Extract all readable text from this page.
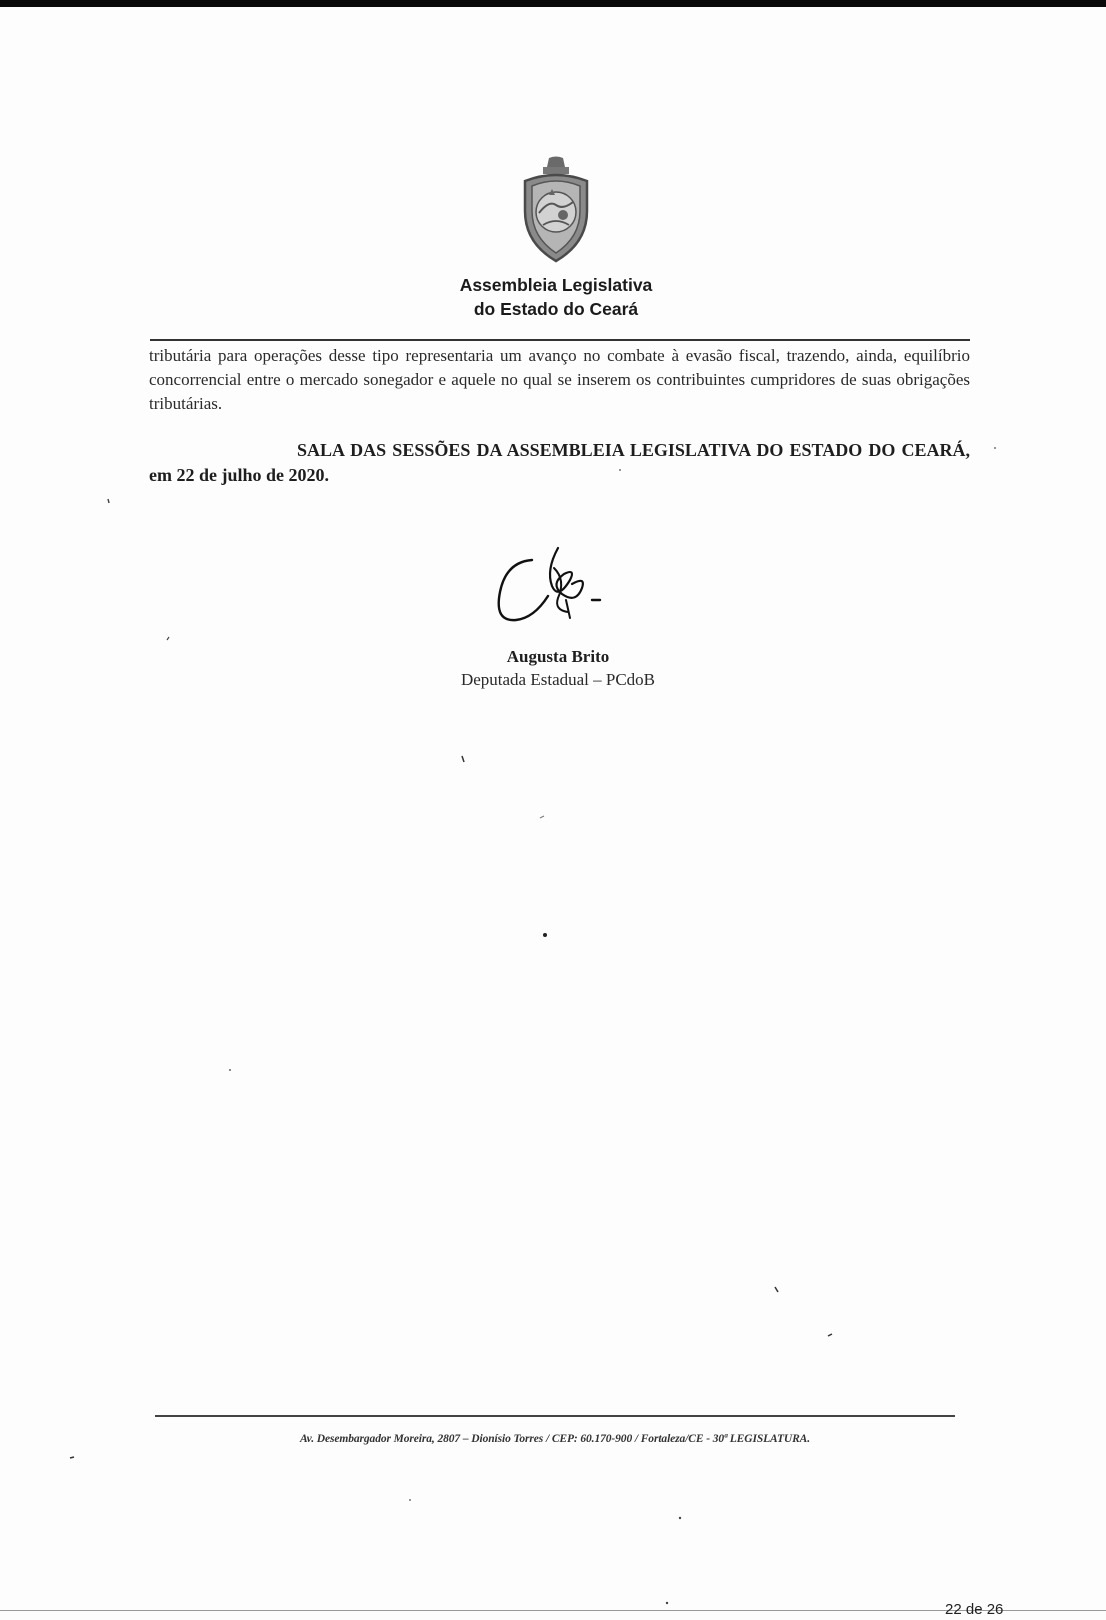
Assembleia Legislativa
do Estado do Ceará
tributária para operações desse tipo representaria um avanço no combate à evasão fiscal, trazendo, ainda, equilíbrio concorrencial entre o mercado sonegador e aquele no qual se inserem os contribuintes cumpridores de suas obrigações tributárias.
SALA DAS SESSÕES DA ASSEMBLEIA LEGISLATIVA DO ESTADO DO CEARÁ, em 22 de julho de 2020.
Augusta Brito
Deputada Estadual – PCdoB
Av. Desembargador Moreira, 2807 – Dionísio Torres / CEP: 60.170-900 / Fortaleza/CE - 30ª LEGISLATURA.
22 de 26
